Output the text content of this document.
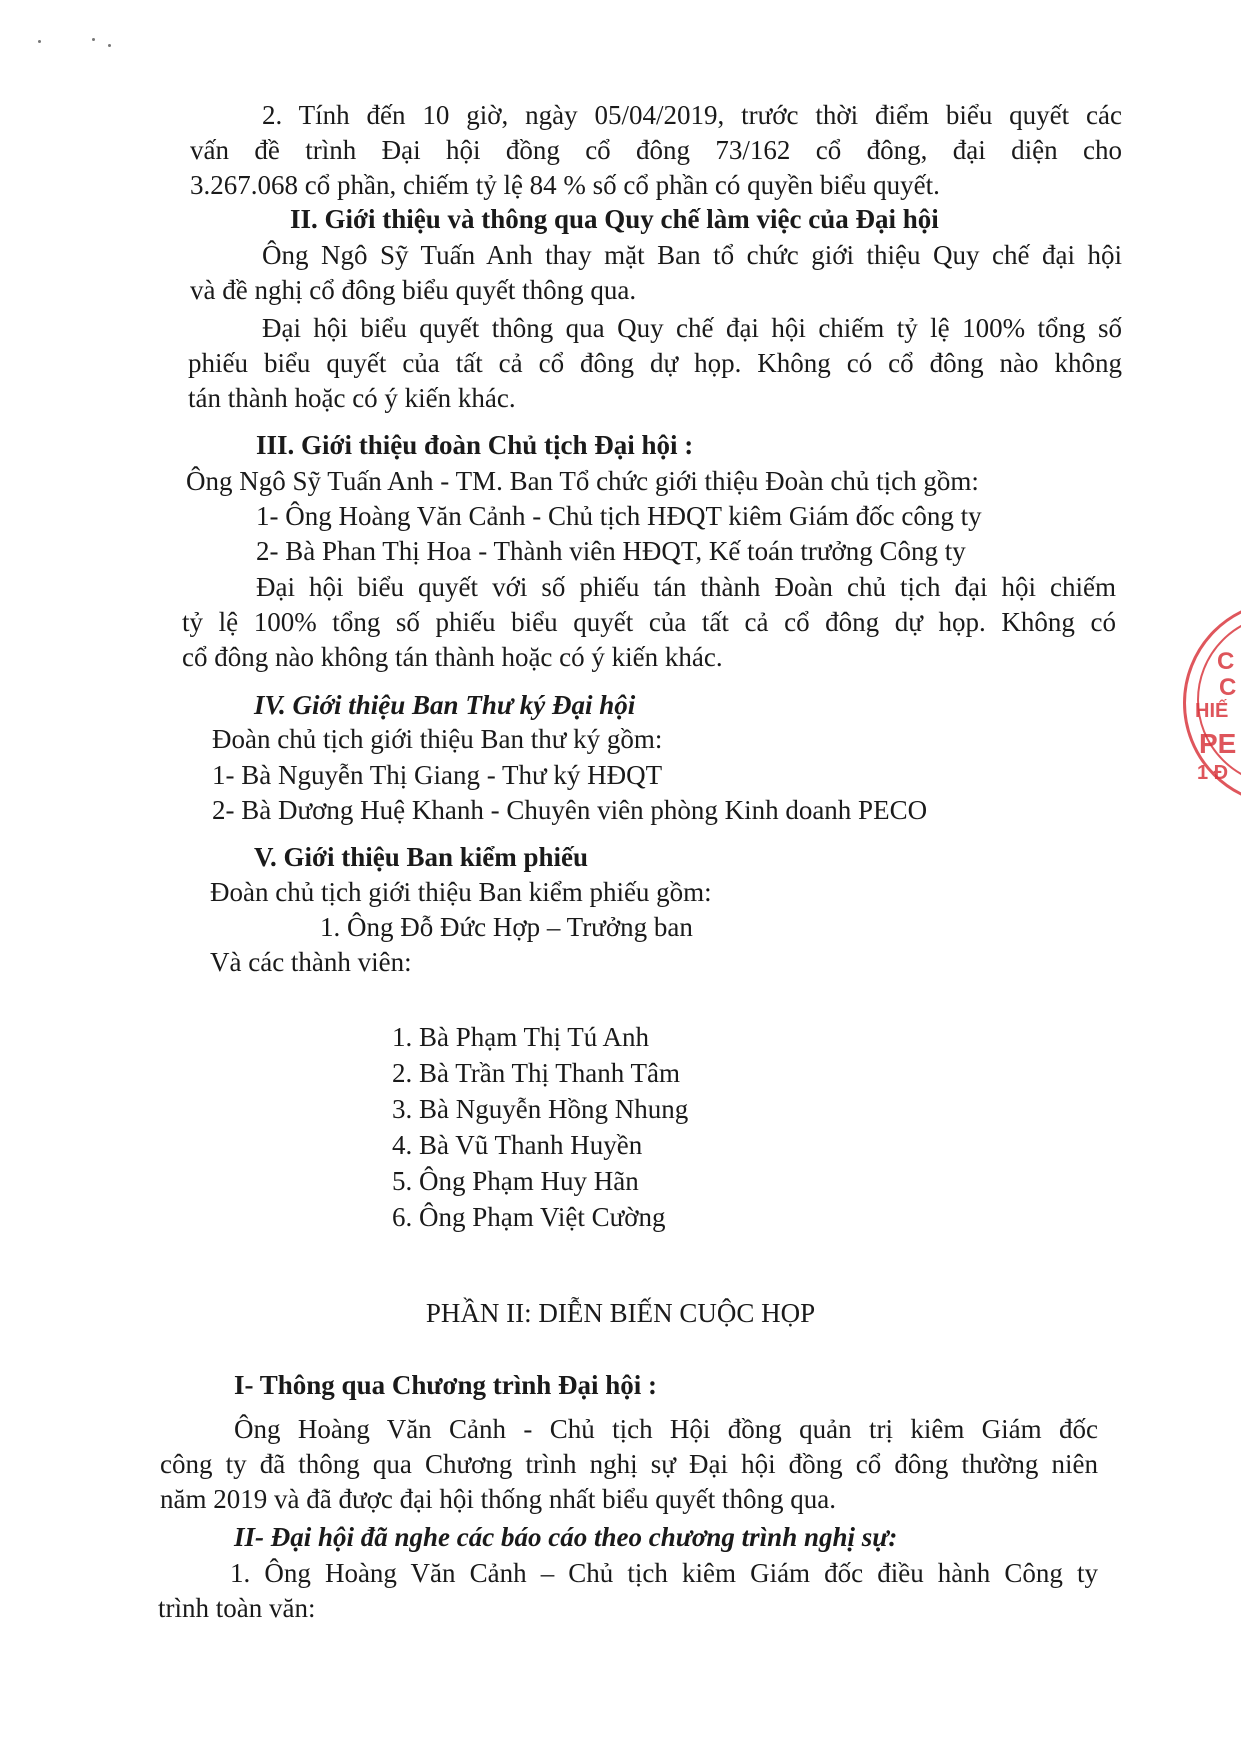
2. Tính đến 10 giờ, ngày 05/04/2019, trước thời điểm biểu quyết các
vấn đề trình Đại hội đồng cổ đông 73/162 cổ đông, đại diện cho
3.267.068 cổ phần, chiếm tỷ lệ 84 % số cổ phần có quyền biểu quyết.
II. Giới thiệu và thông qua Quy chế làm việc của Đại hội
Ông Ngô Sỹ Tuấn Anh thay mặt Ban tổ chức giới thiệu Quy chế đại hội
và đề nghị cổ đông biểu quyết thông qua.
Đại hội biểu quyết thông qua Quy chế đại hội chiếm tỷ lệ 100% tổng số
phiếu biểu quyết của tất cả cổ đông dự họp. Không có cổ đông nào không
tán thành hoặc có ý kiến khác.
III. Giới thiệu đoàn Chủ tịch Đại hội :
Ông Ngô Sỹ Tuấn Anh - TM. Ban Tổ chức giới thiệu Đoàn chủ tịch gồm:
1- Ông Hoàng Văn Cảnh - Chủ tịch HĐQT kiêm Giám đốc công ty
2- Bà Phan Thị Hoa - Thành viên HĐQT, Kế toán trưởng Công ty
Đại hội biểu quyết với số phiếu tán thành Đoàn chủ tịch đại hội chiếm
tỷ lệ 100% tổng số phiếu biểu quyết của tất cả cổ đông dự họp. Không có
cổ đông nào không tán thành hoặc có ý kiến khác.
IV. Giới thiệu Ban Thư ký Đại hội
Đoàn chủ tịch giới thiệu Ban thư ký gồm:
1- Bà Nguyễn Thị Giang - Thư ký HĐQT
2- Bà Dương Huệ Khanh - Chuyên viên phòng Kinh doanh PECO
V. Giới thiệu Ban kiểm phiếu
Đoàn chủ tịch giới thiệu Ban kiểm phiếu gồm:
1. Ông Đỗ Đức Hợp – Trưởng ban
Và các thành viên:
1. Bà Phạm Thị Tú Anh
2. Bà Trần Thị Thanh Tâm
3. Bà Nguyễn Hồng Nhung
4. Bà Vũ Thanh Huyền
5. Ông Phạm Huy Hãn
6. Ông Phạm Việt Cường
PHẦN II: DIỄN BIẾN CUỘC HỌP
I- Thông qua Chương trình Đại hội :
Ông Hoàng Văn Cảnh - Chủ tịch Hội đồng quản trị kiêm Giám đốc
công ty đã thông qua Chương trình nghị sự Đại hội đồng cổ đông thường niên
năm 2019 và đã được đại hội thống nhất biểu quyết thông qua.
II- Đại hội đã nghe các báo cáo theo chương trình nghị sự:
1. Ông Hoàng Văn Cảnh – Chủ tịch kiêm Giám đốc điều hành Công ty
trình toàn văn:
C
C
HIẾ
PE
1 Đ
